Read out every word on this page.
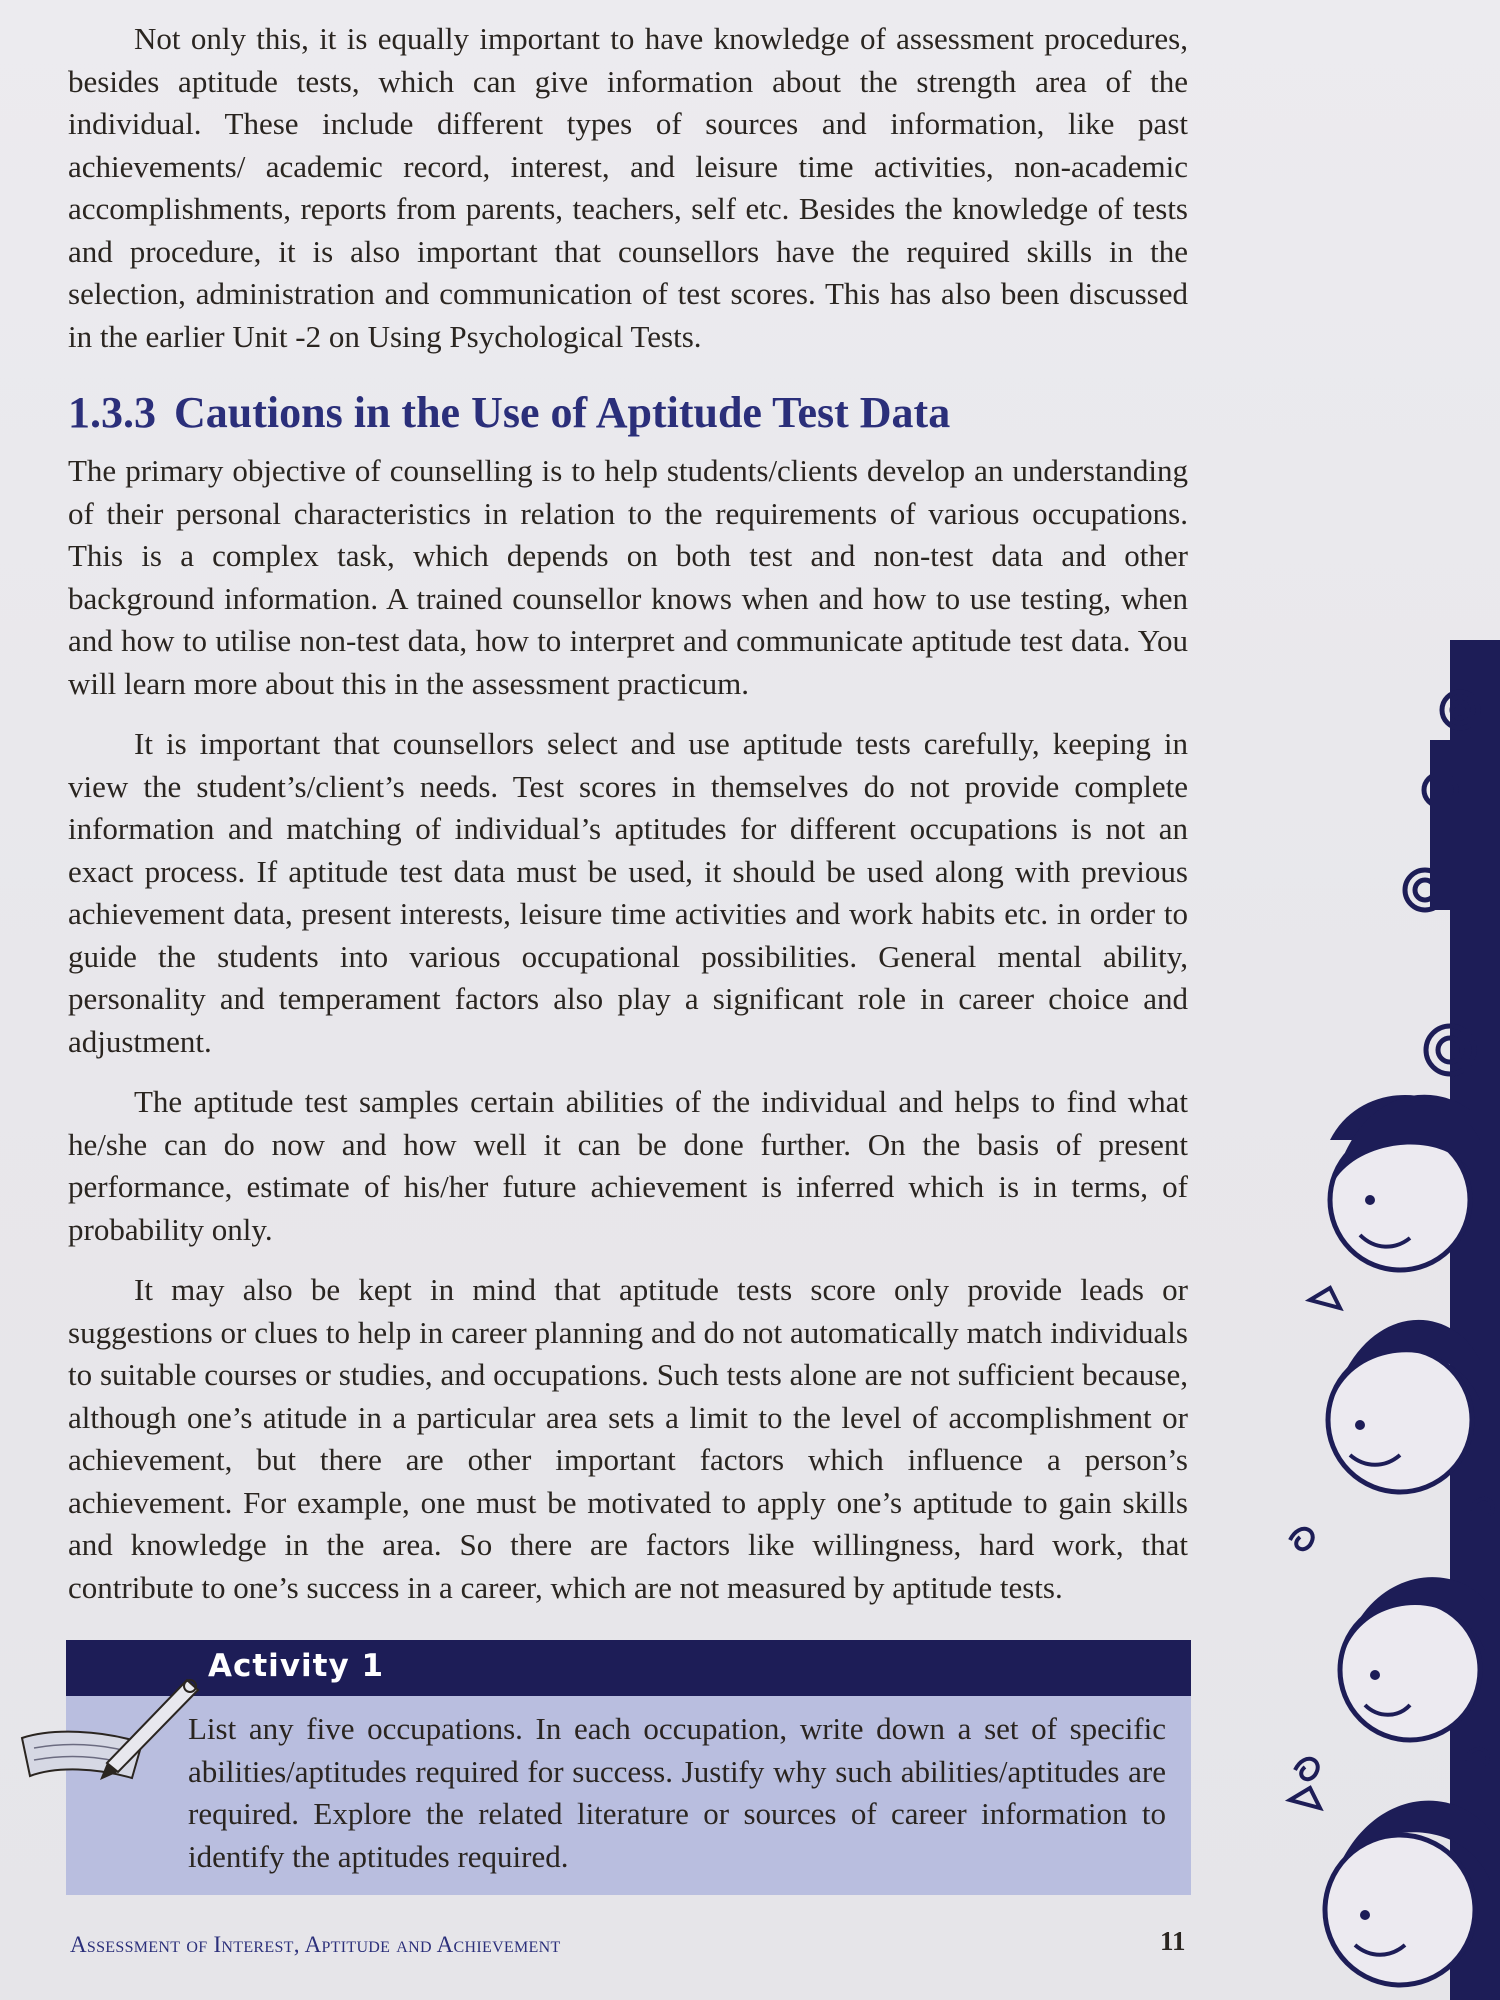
Not only this, it is equally important to have knowledge of assessment procedures, besides aptitude tests, which can give information about the strength area of the individual. These include different types of sources and information, like past achievements/ academic record, interest, and leisure time activities, non-academic accomplishments, reports from parents, teachers, self etc. Besides the knowledge of tests and procedure, it is also important that counsellors have the required skills in the selection, administration and communication of test scores. This has also been discussed in the earlier Unit -2 on Using Psychological Tests.

1.3.3 Cautions in the Use of Aptitude Test Data

The primary objective of counselling is to help students/clients develop an understanding of their personal characteristics in relation to the requirements of various occupations. This is a complex task, which depends on both test and non-test data and other background information. A trained counsellor knows when and how to use testing, when and how to utilise non-test data, how to interpret and communicate aptitude test data. You will learn more about this in the assessment practicum.

It is important that counsellors select and use aptitude tests carefully, keeping in view the student’s/client’s needs. Test scores in themselves do not provide complete information and matching of individual’s aptitudes for different occupations is not an exact process. If aptitude test data must be used, it should be used along with previous achievement data, present interests, leisure time activities and work habits etc. in order to guide the students into various occupational possibilities. General mental ability, personality and temperament factors also play a significant role in career choice and adjustment.

The aptitude test samples certain abilities of the individual and helps to find what he/she can do now and how well it can be done further. On the basis of present performance, estimate of his/her future achievement is inferred which is in terms, of probability only.

It may also be kept in mind that aptitude tests score only provide leads or suggestions or clues to help in career planning and do not automatically match individuals to suitable courses or studies, and occupations. Such tests alone are not sufficient because, although one’s atitude in a particular area sets a limit to the level of accomplishment or achievement, but there are other important factors which influence a person’s achievement. For example, one must be motivated to apply one’s aptitude to gain skills and knowledge in the area. So there are factors like willingness, hard work, that contribute to one’s success in a career, which are not measured by aptitude tests.

Activity 1
List any five occupations. In each occupation, write down a set of specific abilities/aptitudes required for success. Justify why such abilities/aptitudes are required. Explore the related literature or sources of career information to identify the aptitudes required.
Assessment of Interest, Aptitude and Achievement	11
